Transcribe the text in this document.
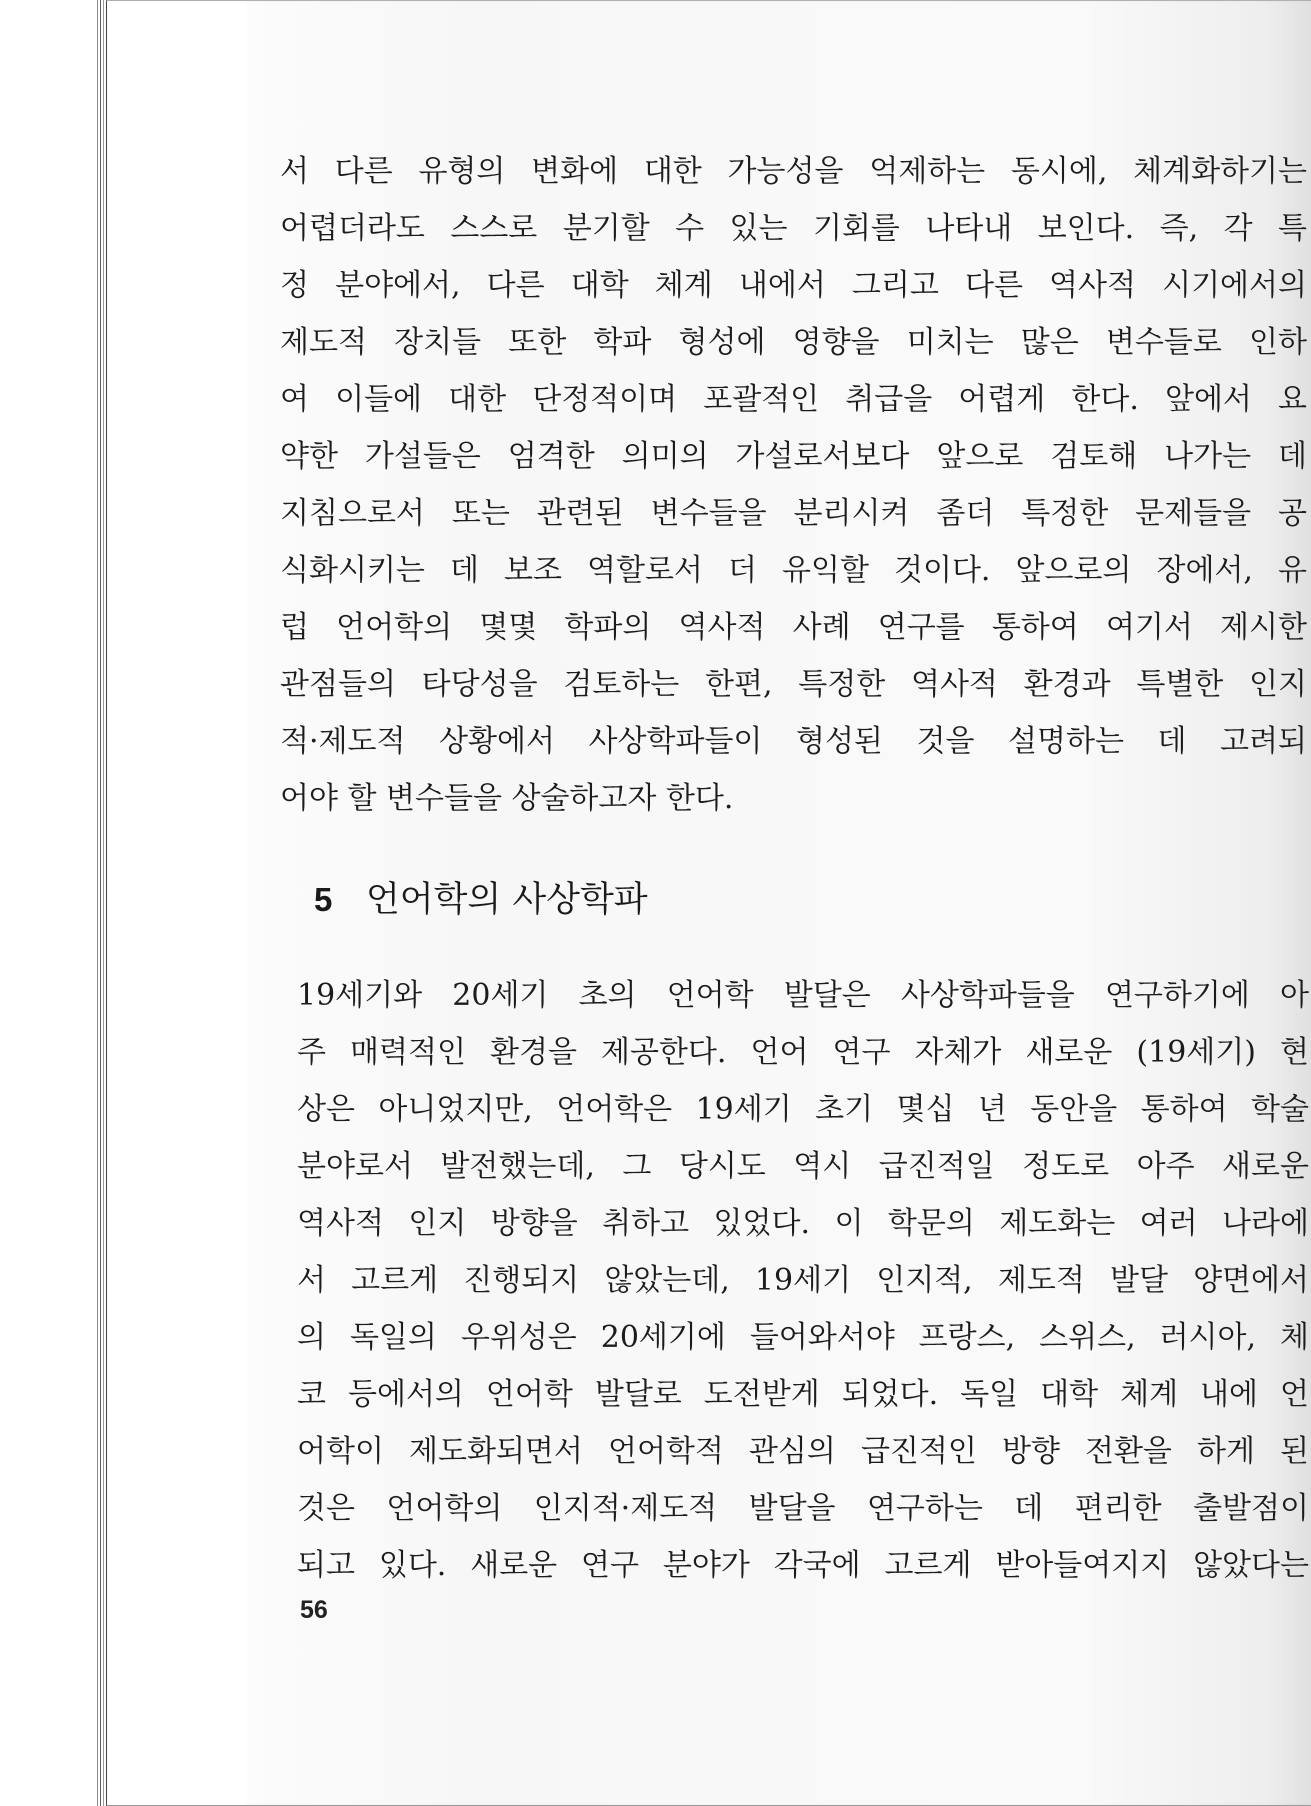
서 다른 유형의 변화에 대한 가능성을 억제하는 동시에, 체계화하기는
어렵더라도 스스로 분기할 수 있는 기회를 나타내 보인다. 즉, 각 특
정 분야에서, 다른 대학 체계 내에서 그리고 다른 역사적 시기에서의
제도적 장치들 또한 학파 형성에 영향을 미치는 많은 변수들로 인하
여 이들에 대한 단정적이며 포괄적인 취급을 어렵게 한다. 앞에서 요
약한 가설들은 엄격한 의미의 가설로서보다 앞으로 검토해 나가는 데
지침으로서 또는 관련된 변수들을 분리시켜 좀더 특정한 문제들을 공
식화시키는 데 보조 역할로서 더 유익할 것이다. 앞으로의 장에서, 유
럽 언어학의 몇몇 학파의 역사적 사례 연구를 통하여 여기서 제시한
관점들의 타당성을 검토하는 한편, 특정한 역사적 환경과 특별한 인지
적·제도적 상황에서 사상학파들이 형성된 것을 설명하는 데 고려되
어야 할 변수들을 상술하고자 한다.
5 언어학의 사상학파
19세기와 20세기 초의 언어학 발달은 사상학파들을 연구하기에 아
주 매력적인 환경을 제공한다. 언어 연구 자체가 새로운 (19세기) 현
상은 아니었지만, 언어학은 19세기 초기 몇십 년 동안을 통하여 학술
분야로서 발전했는데, 그 당시도 역시 급진적일 정도로 아주 새로운
역사적 인지 방향을 취하고 있었다. 이 학문의 제도화는 여러 나라에
서 고르게 진행되지 않았는데, 19세기 인지적, 제도적 발달 양면에서
의 독일의 우위성은 20세기에 들어와서야 프랑스, 스위스, 러시아, 체
코 등에서의 언어학 발달로 도전받게 되었다. 독일 대학 체계 내에 언
어학이 제도화되면서 언어학적 관심의 급진적인 방향 전환을 하게 된
것은 언어학의 인지적·제도적 발달을 연구하는 데 편리한 출발점이
되고 있다. 새로운 연구 분야가 각국에 고르게 받아들여지지 않았다는
56
